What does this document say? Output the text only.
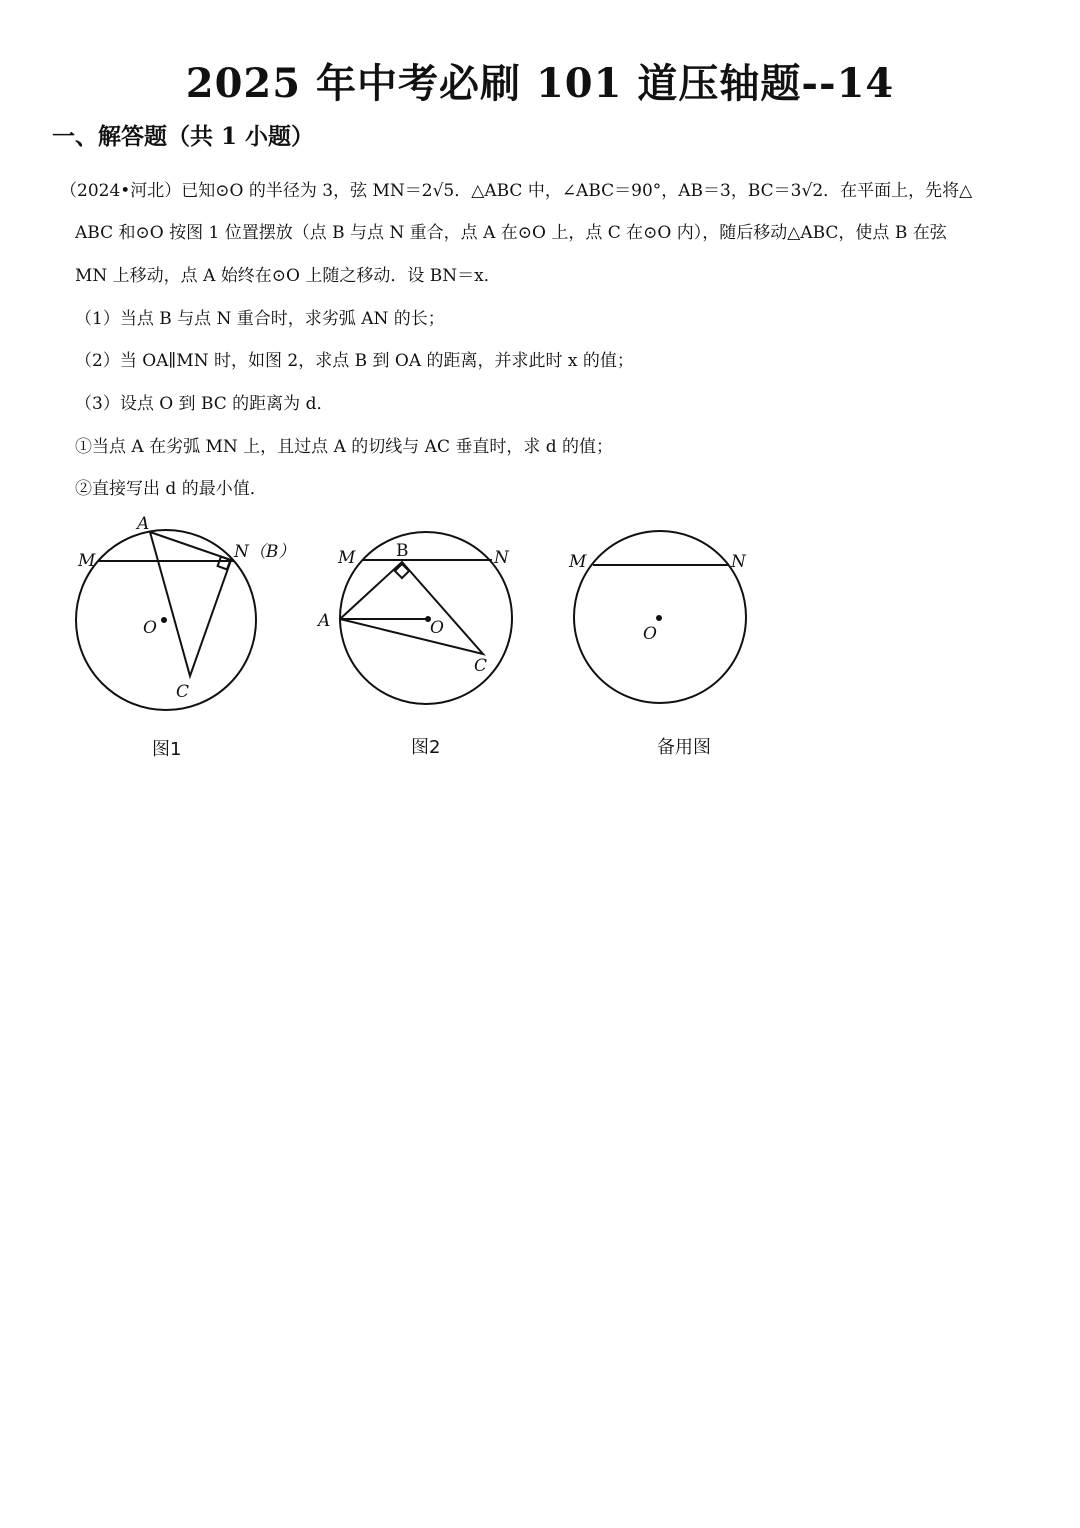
2025 年中考必刷 101 道压轴题--14
一、解答题（共 1 小题）
（2024•河北）已知⊙O 的半径为 3，弦 MN＝2√5．△ABC 中，∠ABC＝90°，AB＝3，BC＝3√2．在平面上，先将△
ABC 和⊙O 按图 1 位置摆放（点 B 与点 N 重合，点 A 在⊙O 上，点 C 在⊙O 内），随后移动△ABC，使点 B 在弦
MN 上移动，点 A 始终在⊙O 上随之移动．设 BN＝x．
（1）当点 B 与点 N 重合时，求劣弧 AN 的长；
（2）当 OA∥MN 时，如图 2，求点 B 到 OA 的距离，并求此时 x 的值；
（3）设点 O 到 BC 的距离为 d．
①当点 A 在劣弧 MN 上，且过点 A 的切线与 AC 垂直时，求 d 的值；
②直接写出 d 的最小值．
A
M	N（B）
O
C
A
B
M	N
O
C
M	N
O
图1	图2	备用图
